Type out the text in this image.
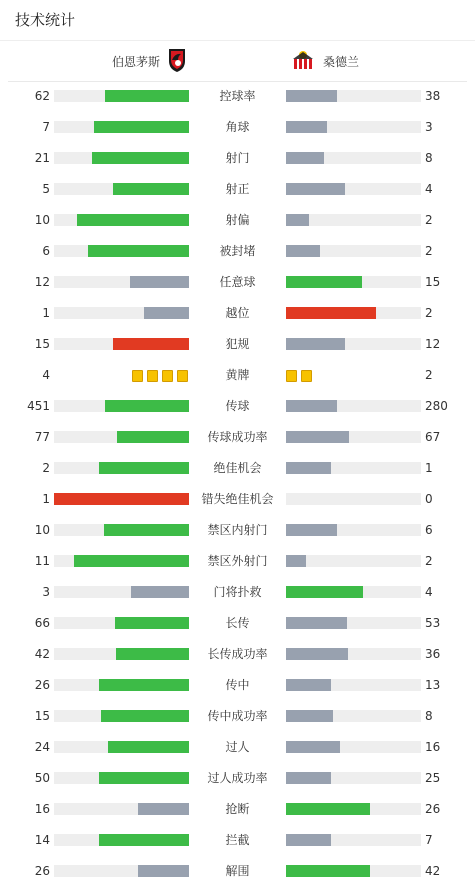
技术统计
伯恩茅斯	桑德兰
62	控球率	38
7	角球	3
21	射门	8
5	射正	4
10	射偏	2
6	被封堵	2
12	任意球	15
1	越位	2
15	犯规	12
4	黄牌	2
451	传球	280
77	传球成功率	67
2	绝佳机会	1
1	错失绝佳机会	0
10	禁区内射门	6
11	禁区外射门	2
3	门将扑救	4
66	长传	53
42	长传成功率	36
26	传中	13
15	传中成功率	8
24	过人	16
50	过人成功率	25
16	抢断	26
14	拦截	7
26	解围	42
